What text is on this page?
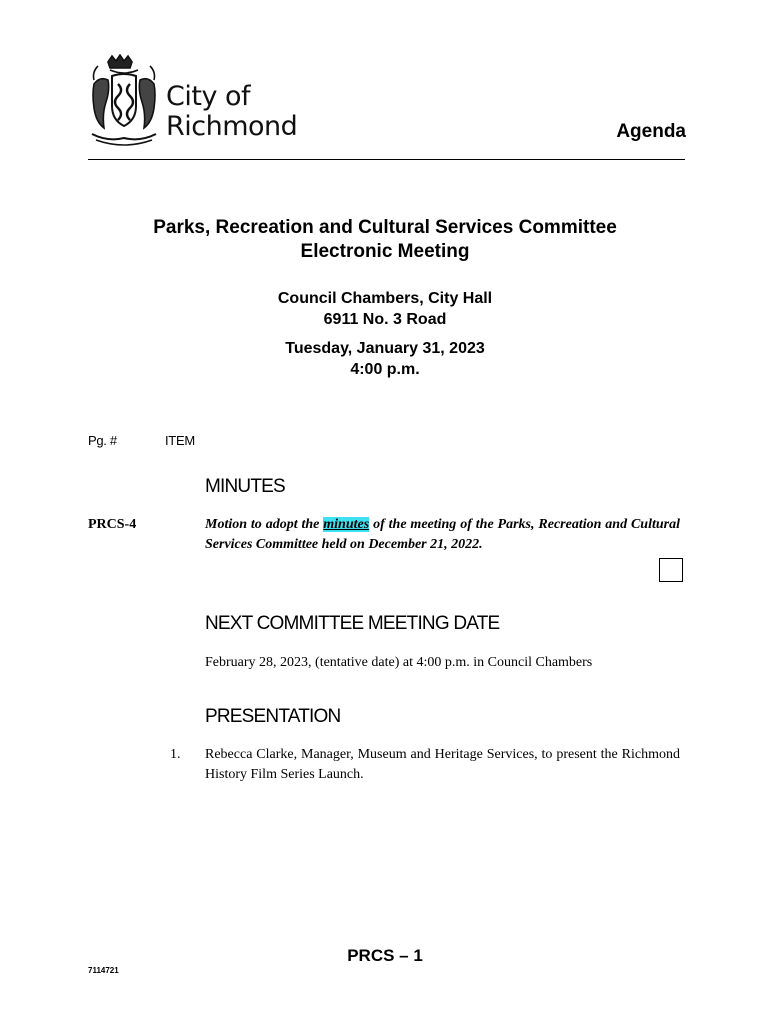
City of
Richmond	Agenda
Parks, Recreation and Cultural Services Committee
Electronic Meeting
Council Chambers, City Hall
6911 No. 3 Road
Tuesday, January 31, 2023
4:00 p.m.
Pg. #	ITEM
MINUTES
PRCS-4	Motion to adopt the minutes of the meeting of the Parks, Recreation and Cultural Services Committee held on December 21, 2022.
NEXT COMMITTEE MEETING DATE
February 28, 2023, (tentative date) at 4:00 p.m. in Council Chambers
PRESENTATION
1. Rebecca Clarke, Manager, Museum and Heritage Services, to present the Richmond History Film Series Launch.
PRCS – 1
7114721
